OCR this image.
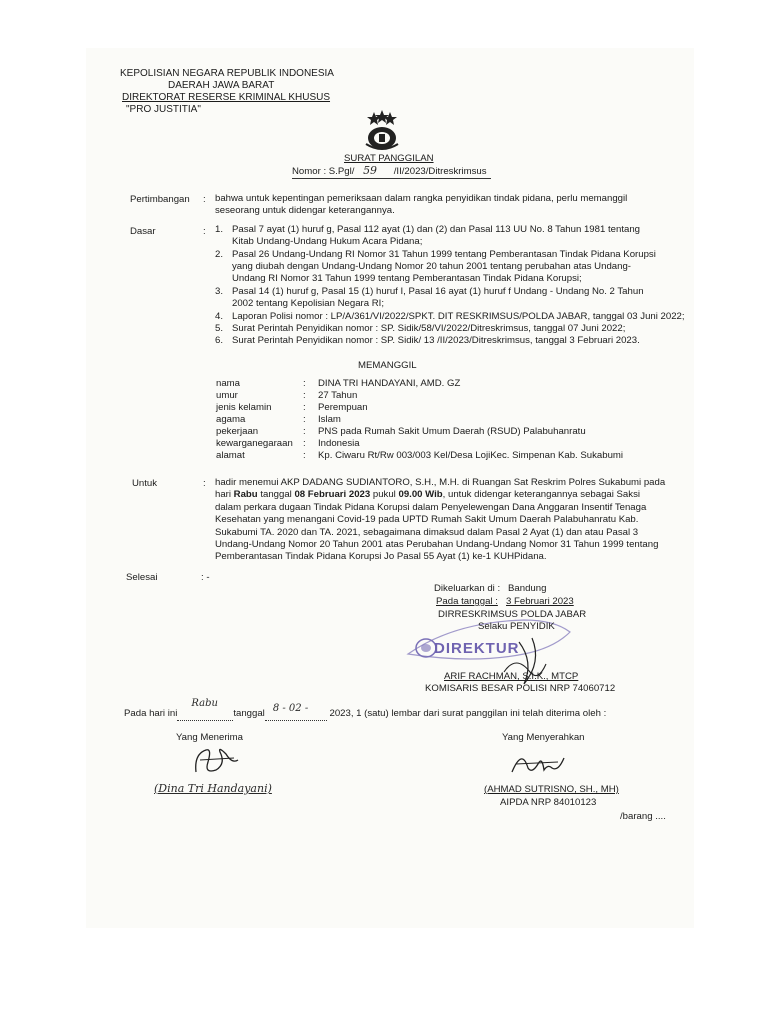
KEPOLISIAN NEGARA REPUBLIK INDONESIA
DAERAH JAWA BARAT
DIREKTORAT RESERSE KRIMINAL KHUSUS
"PRO JUSTITIA"
SURAT PANGGILAN
Nomor : S.Pgl/ 59 /II/2023/Ditreskrimsus
Pertimbangan : bahwa untuk kepentingan pemeriksaan dalam rangka penyidikan tindak pidana, perlu memanggil seseorang untuk didengar keterangannya.
Dasar	: 1. Pasal 7 ayat (1) huruf g, Pasal 112 ayat (1) dan (2) dan Pasal 113 UU No. 8 Tahun 1981 tentang Kitab Undang-Undang Hukum Acara Pidana;
2. Pasal 26 Undang-Undang RI Nomor 31 Tahun 1999 tentang Pemberantasan Tindak Pidana Korupsi yang diubah dengan Undang-Undang Nomor 20 tahun 2001 tentang perubahan atas Undang-Undang RI Nomor 31 Tahun 1999 tentang Pemberantasan Tindak Pidana Korupsi;
3. Pasal 14 (1) huruf g, Pasal 15 (1) huruf I, Pasal 16 ayat (1) huruf f Undang - Undang No. 2 Tahun 2002 tentang Kepolisian Negara RI;
4. Laporan Polisi nomor : LP/A/361/VI/2022/SPKT. DIT RESKRIMSUS/POLDA JABAR, tanggal 03 Juni 2022;
5. Surat Perintah Penyidikan nomor : SP. Sidik/58/VI/2022/Ditreskrimsus, tanggal 07 Juni 2022;
6. Surat Perintah Penyidikan nomor : SP. Sidik/ 13 /II/2023/Ditreskrimsus, tanggal 3 Februari 2023.
MEMANGGIL
nama	: DINA TRI HANDAYANI, AMD. GZ
umur	: 27 Tahun
jenis kelamin	: Perempuan
agama	: Islam
pekerjaan	: PNS pada Rumah Sakit Umum Daerah (RSUD) Palabuhanratu
kewarganegaraan : Indonesia
alamat	: Kp. Ciwaru Rt/Rw 003/003 Kel/Desa LojiKec. Simpenan Kab. Sukabumi
Untuk	: hadir menemui AKP DADANG SUDIANTORO, S.H., M.H. di Ruangan Sat Reskrim Polres Sukabumi pada hari Rabu tanggal 08 Februari 2023 pukul 09.00 Wib, untuk didengar keterangannya sebagai Saksi dalam perkara dugaan Tindak Pidana Korupsi dalam Penyelewengan Dana Anggaran Insentif Tenaga Kesehatan yang menangani Covid-19 pada UPTD Rumah Sakit Umum Daerah Palabuhanratu Kab. Sukabumi TA. 2020 dan TA. 2021, sebagaimana dimaksud dalam Pasal 2 Ayat (1) dan atau Pasal 3 Undang-Undang Nomor 20 Tahun 2001 atas Perubahan Undang-Undang Nomor 31 Tahun 1999 tentang Pemberantasan Tindak Pidana Korupsi Jo Pasal 55 Ayat (1) ke-1 KUHPidana.
Selesai	: -
DIREKTUR
Dikeluarkan di : Bandung
Pada tanggal : 3 Februari 2023
DIRRESKRIMSUS POLDA JABAR
Selaku PENYIDIK
ARIF RACHMAN, S.I.K., MTCP
KOMISARIS BESAR POLISI NRP 74060712
Pada hari ini
Rabu
tanggal 8 - 02 - 2023, 1 (satu) lembar dari surat panggilan ini telah diterima oleh :
Yang Menerima
(Dina Tri Handayani)
Yang Menyerahkan
(AHMAD SUTRISNO, SH., MH)
AIPDA NRP 84010123
/barang ....
